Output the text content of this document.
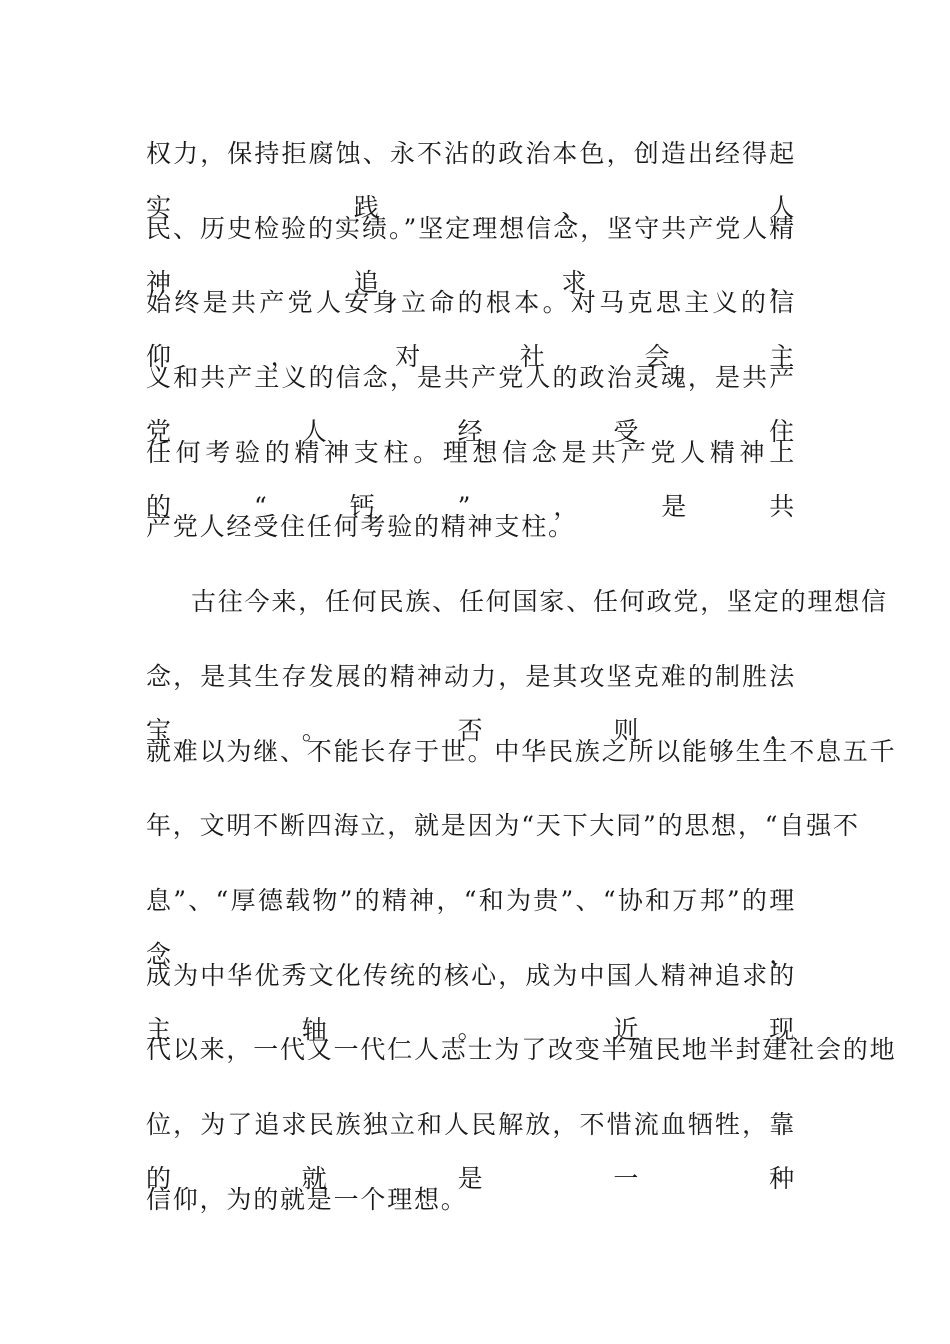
权力，保持拒腐蚀、永不沾的政治本色，创造出经得起实践、人
民、历史检验的实绩。”坚定理想信念，坚守共产党人精神追求，
始终是共产党人安身立命的根本。对马克思主义的信仰，对社会主
义和共产主义的信念，是共产党人的政治灵魂，是共产党人经受住
任何考验的精神支柱。理想信念是共产党人精神上的“钙”，是共
产党人经受住任何考验的精神支柱。
古往今来，任何民族、任何国家、任何政党，坚定的理想信
念，是其生存发展的精神动力，是其攻坚克难的制胜法宝。否则，
就难以为继、不能长存于世。中华民族之所以能够生生不息五千
年，文明不断四海立，就是因为“天下大同”的思想，“自强不
息”、“厚德载物”的精神，“和为贵”、“协和万邦”的理念，
成为中华优秀文化传统的核心，成为中国人精神追求的主轴。近现
代以来，一代又一代仁人志士为了改变半殖民地半封建社会的地
位，为了追求民族独立和人民解放，不惜流血牺牲，靠的就是一种
信仰，为的就是一个理想。
